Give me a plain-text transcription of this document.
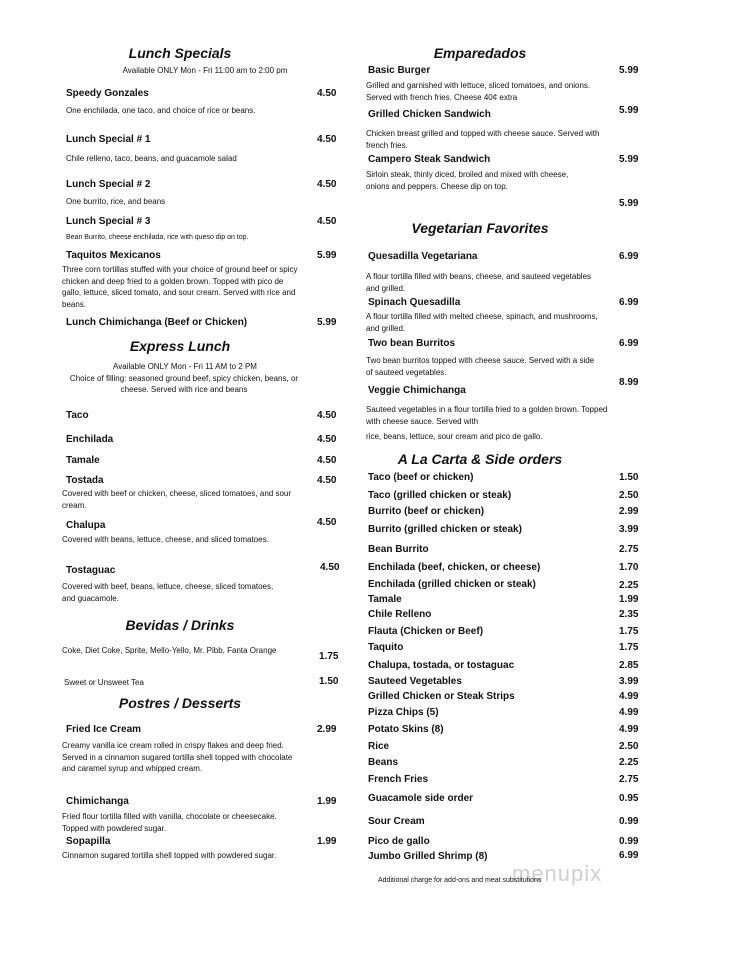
Lunch Specials
Available ONLY Mon - Fri 11:00 am to 2:00 pm
Speedy Gonzales	4.50
One enchilada, one taco, and choice of rice or beans.
Lunch Special # 1	4.50
Chile relleno, taco, beans, and guacamole salad
Lunch Special # 2	4.50
One burrito, rice, and beans
Lunch Special # 3	4.50
Bean Burrito, cheese enchilada, rice with queso dip on top.
Taquitos Mexicanos	5.99
Three corn tortillas stuffed with your choice of ground beef or spicy chicken and deep fried to a golden brown. Topped with pico de gallo, lettuce, sliced tomato, and sour cream. Served with rice and beans.
Lunch Chimichanga (Beef or Chicken)	5.99
Express Lunch
Available ONLY Mon - Fri 11 AM to 2 PM
Choice of filling: seasoned ground beef, spicy chicken, beans, or cheese. Served with rice and beans
Taco	4.50
Enchilada	4.50
Tamale	4.50
Tostada	4.50
Covered with beef or chicken, cheese, sliced tomatoes, and sour cream.
Chalupa	4.50
Covered with beans, lettuce, cheese, and sliced tomatoes.
Tostaguac	4.50
Covered with beef, beans, lettuce, cheese, sliced tomatoes, and guacamole.
Bevidas / Drinks
Coke, Diet Coke, Sprite, Mello-Yello, Mr. Pibb, Fanta Orange
1.75
Sweet or Unsweet Tea	1.50
Postres / Desserts
Fried Ice Cream	2.99
Creamy vanilla ice cream rolled in crispy flakes and deep fried. Served in a cinnamon sugared tortilla shell topped with chocolate and caramel syrup and whipped cream.
Chimichanga	1.99
Fried flour tortilla filled with vanilla, chocolate or cheesecake. Topped with powdered sugar.
Sopapilla	1.99
Cinnamon sugared tortilla shell topped with powdered sugar.
Emparedados
Basic Burger	5.99
Grilled and garnished with lettuce, sliced tomatoes, and onions. Served with french fries. Cheese 40¢ extra
Grilled Chicken Sandwich	5.99
Chicken breast grilled and topped with cheese sauce. Served with french fries.
Campero Steak Sandwich	5.99
Sirloin steak, thinly diced, broiled and mixed with cheese, onions and peppers. Cheese dip on top.
5.99
Vegetarian Favorites
Quesadilla Vegetariana	6.99
A flour tortilla filled with beans, cheese, and sauteed vegetables and grilled.
Spinach Quesadilla	6.99
A flour tortilla filled with melted cheese, spinach, and mushrooms, and grilled.
Two bean Burritos	6.99
Two bean burritos topped with cheese sauce. Served with a side of sauteed vegetables.
Veggie Chimichanga
8.99
Sauteed vegetables in a flour tortilla fried to a golden brown. Topped with cheese sauce. Served with
rice, beans, lettuce, sour cream and pico de gallo.
A La Carta & Side orders
Taco (beef or chicken)	1.50
Taco (grilled chicken or steak)	2.50
Burrito (beef or chicken)	2.99
Burrito (grilled chicken or steak)	3.99
Bean Burrito	2.75
Enchilada (beef, chicken, or cheese)	1.70
Enchilada (grilled chicken or steak)	2.25
Tamale	1.99
Chile Relleno	2.35
Flauta (Chicken or Beef)	1.75
Taquito	1.75
Chalupa, tostada, or tostaguac	2.85
Sauteed Vegetables	3.99
Grilled Chicken or Steak Strips	4.99
Pizza Chips (5)	4.99
Potato Skins (8)	4.99
Rice	2.50
Beans	2.25
French Fries	2.75
Guacamole side order	0.95
Sour Cream	0.99
Pico de gallo	0.99
Jumbo Grilled Shrimp (8)	6.99
menupix
Additional charge for add-ons and meat substitutions
